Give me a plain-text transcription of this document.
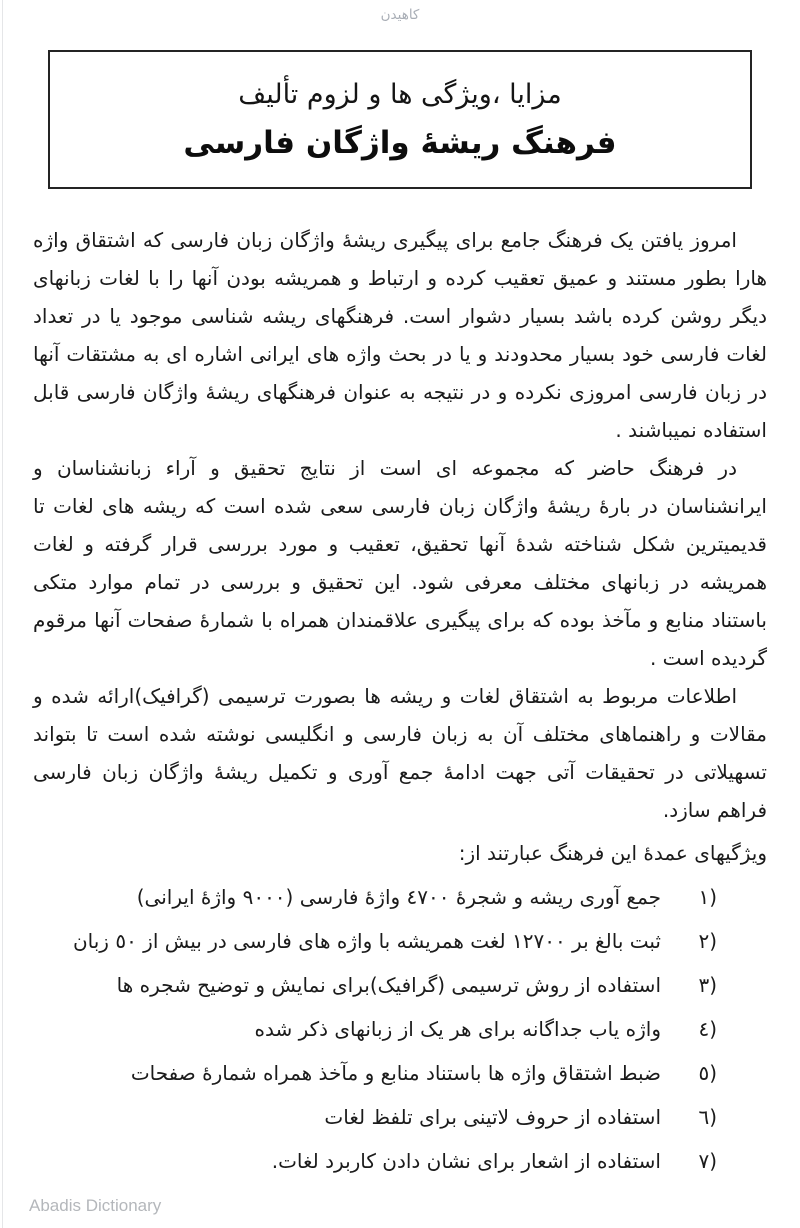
کاهیدن
مزایا ،ویژگی ها و لزوم تألیف
فرهنگ ریشهٔ واژگان فارسی

امروز یافتن یک فرهنگ جامع برای پیگیری ریشهٔ واژگان زبان فارسی که اشتقاق واژه هارا بطور مستند و عمیق تعقیب کرده و ارتباط و همریشه بودن آنها را با لغات زبانهای دیگر روشن کرده باشد بسیار دشوار است. فرهنگهای ریشه شناسی موجود یا در تعداد لغات فارسی خود بسیار محدودند و یا در بحث واژه های ایرانی اشاره ای به مشتقات آنها در زبان فارسی امروزی نکرده و در نتیجه به عنوان فرهنگهای ریشهٔ واژگان فارسی قابل استفاده نمیباشند .

در فرهنگ حاضر که مجموعه ای است از نتایج تحقیق و آراء زبانشناسان و ایرانشناسان در بارهٔ ریشهٔ واژگان زبان فارسی سعی شده است که ریشه های لغات تا قدیمیترین شکل شناخته شدهٔ آنها تحقیق، تعقیب و مورد بررسی قرار گرفته و لغات همریشه در زبانهای مختلف معرفی شود. این تحقیق و بررسی در تمام موارد متکی باستناد منابع و مآخذ بوده که برای پیگیری علاقمندان همراه با شمارهٔ صفحات آنها مرقوم گردیده است .

اطلاعات مربوط به اشتقاق لغات و ریشه ها بصورت ترسیمی (گرافیک)ارائه شده و مقالات و راهنماهای مختلف آن به زبان فارسی و انگلیسی نوشته شده است تا بتواند تسهیلاتی در تحقیقات آتی جهت ادامهٔ جمع آوری و تکمیل ریشهٔ واژگان زبان فارسی فراهم سازد.

ویژگیهای عمدهٔ این فرهنگ عبارتند از:

١)
جمع آوری ریشه و شجرهٔ ٤٧٠٠ واژهٔ فارسی (٩٠٠٠ واژهٔ ایرانی)
٢)
ثبت بالغ بر ١٢٧٠٠ لغت همریشه با واژه های فارسی در بیش از ٥٠ زبان
٣)
استفاده از روش ترسیمی (گرافیک)برای نمایش و توضیح شجره ها
٤)
واژه یاب جداگانه برای هر یک از زبانهای ذکر شده
٥)
ضبط اشتقاق واژه ها باستناد منابع و مآخذ همراه شمارهٔ صفحات
٦)
استفاده از حروف لاتینی برای تلفظ لغات
٧)
استفاده از اشعار برای نشان دادن کاربرد لغات.
Abadis Dictionary
